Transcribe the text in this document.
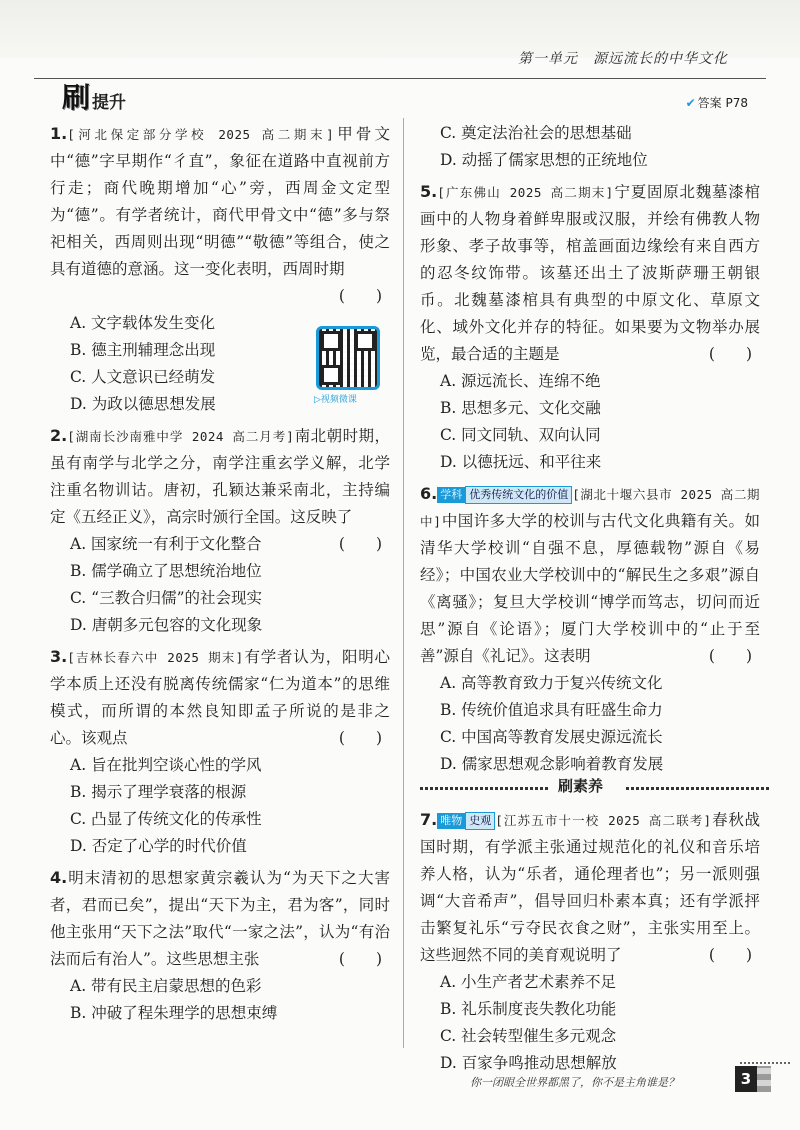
第一单元　源远流长的中华文化
刷 提升	✔ 答案 P78
1.[河北保定部分学校 2025 高二期末]甲骨文中“德”字早期作“彳直”，象征在道路中直视前方行走；商代晚期增加“心”旁，西周金文定型为“德”。有学者统计，商代甲骨文中“德”多与祭祀相关，西周则出现“明德”“敬德”等组合，使之具有道德的意涵。这一变化表明，西周时期
(　　)
A. 文字载体发生变化
B. 德主刑辅理念出现
C. 人文意识已经萌发
D. 为政以德思想发展
2.[湖南长沙南雅中学 2024 高二月考]南北朝时期，虽有南学与北学之分，南学注重玄学义解，北学注重名物训诂。唐初，孔颖达兼采南北，主持编定《五经正义》，高宗时颁行全国。这反映了
(　　)
A. 国家统一有利于文化整合
B. 儒学确立了思想统治地位
C. “三教合归儒”的社会现实
D. 唐朝多元包容的文化现象
3.[吉林长春六中 2025 期末]有学者认为，阳明心学本质上还没有脱离传统儒家“仁为道本”的思维模式，而所谓的本然良知即孟子所说的是非之心。该观点	(　　)
A. 旨在批判空谈心性的学风
B. 揭示了理学衰落的根源
C. 凸显了传统文化的传承性
D. 否定了心学的时代价值
4.明末清初的思想家黄宗羲认为“为天下之大害者，君而已矣”，提出“天下为主，君为客”，同时他主张用“天下之法”取代“一家之法”，认为“有治法而后有治人”。这些思想主张	(　　)
A. 带有民主启蒙思想的色彩
B. 冲破了程朱理学的思想束缚
▷视频微课
C. 奠定法治社会的思想基础
D. 动摇了儒家思想的正统地位
5.[广东佛山 2025 高二期末]宁夏固原北魏墓漆棺画中的人物身着鲜卑服或汉服，并绘有佛教人物形象、孝子故事等，棺盖画面边缘绘有来自西方的忍冬纹饰带。该墓还出土了波斯萨珊王朝银币。北魏墓漆棺具有典型的中原文化、草原文化、域外文化并存的特征。如果要为文物举办展览，最合适的主题是	(　　)
A. 源远流长、连绵不绝
B. 思想多元、文化交融
C. 同文同轨、双向认同
D. 以德抚远、和平往来
6. 学科 优秀传统文化的价值 [湖北十堰六县市 2025 高二期中]中国许多大学的校训与古代文化典籍有关。如清华大学校训“自强不息，厚德载物”源自《易经》；中国农业大学校训中的“解民生之多艰”源自《离骚》；复旦大学校训“博学而笃志，切问而近思”源自《论语》；厦门大学校训中的“止于至善”源自《礼记》。这表明	(　　)
A. 高等教育致力于复兴传统文化
B. 传统价值追求具有旺盛生命力
C. 中国高等教育发展史源远流长
D. 儒家思想观念影响着教育发展
刷素养
7. 唯物 史观 [江苏五市十一校 2025 高二联考]春秋战国时期，有学派主张通过规范化的礼仪和音乐培养人格，认为“乐者，通伦理者也”；另一派则强调“大音希声”，倡导回归朴素本真；还有学派抨击繁复礼乐“亏夺民衣食之财”，主张实用至上。这些迥然不同的美育观说明了	(　　)
A. 小生产者艺术素养不足
B. 礼乐制度丧失教化功能
C. 社会转型催生多元观念
D. 百家争鸣推动思想解放
你一闭眼全世界都黑了，你不是主角谁是？	3
